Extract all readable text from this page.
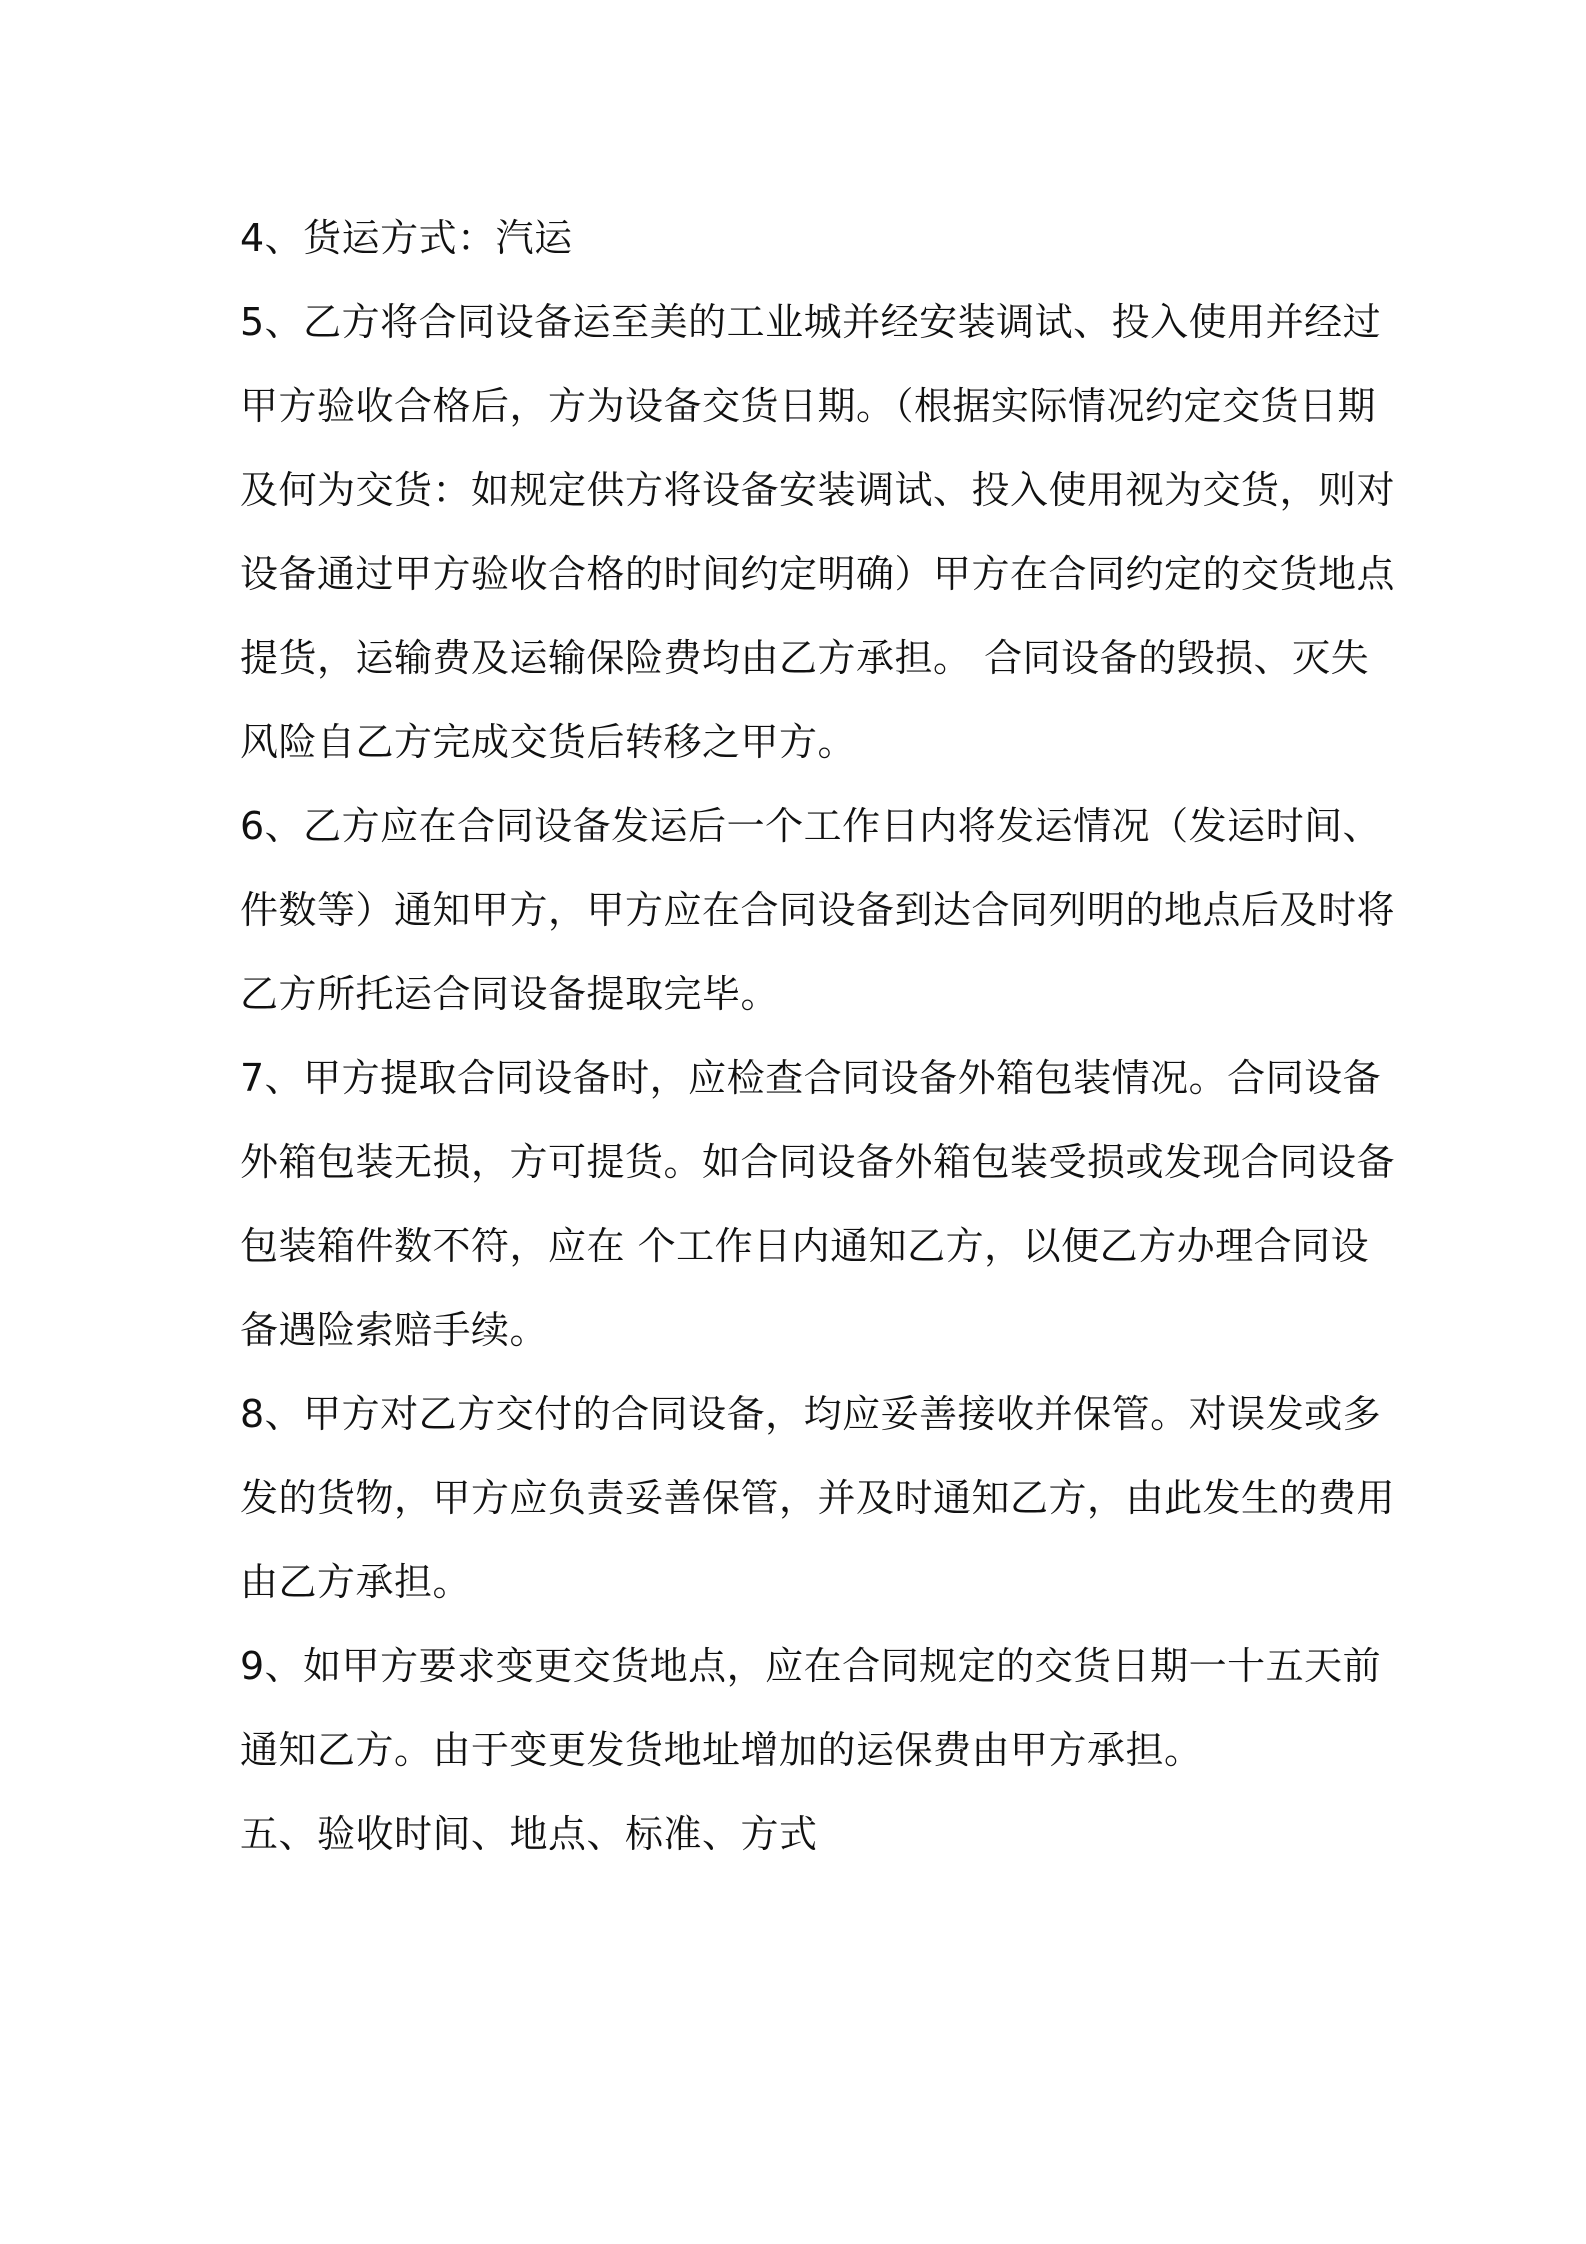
4、货运方式：汽运
5、乙方将合同设备运至美的工业城并经安装调试、投入使用并经过
甲方验收合格后，方为设备交货日期。（根据实际情况约定交货日期
及何为交货：如规定供方将设备安装调试、投入使用视为交货，则对
设备通过甲方验收合格的时间约定明确）甲方在合同约定的交货地点
提货，运输费及运输保险费均由乙方承担。 合同设备的毁损、灭失
风险自乙方完成交货后转移之甲方。
6、乙方应在合同设备发运后一个工作日内将发运情况（发运时间、
件数等）通知甲方，甲方应在合同设备到达合同列明的地点后及时将
乙方所托运合同设备提取完毕。
7、甲方提取合同设备时，应检查合同设备外箱包装情况。合同设备
外箱包装无损，方可提货。如合同设备外箱包装受损或发现合同设备
包装箱件数不符，应在 个工作日内通知乙方，以便乙方办理合同设
备遇险索赔手续。
8、甲方对乙方交付的合同设备，均应妥善接收并保管。对误发或多
发的货物，甲方应负责妥善保管，并及时通知乙方，由此发生的费用
由乙方承担。
9、如甲方要求变更交货地点，应在合同规定的交货日期一十五天前
通知乙方。由于变更发货地址增加的运保费由甲方承担。
五、验收时间、地点、标准、方式
